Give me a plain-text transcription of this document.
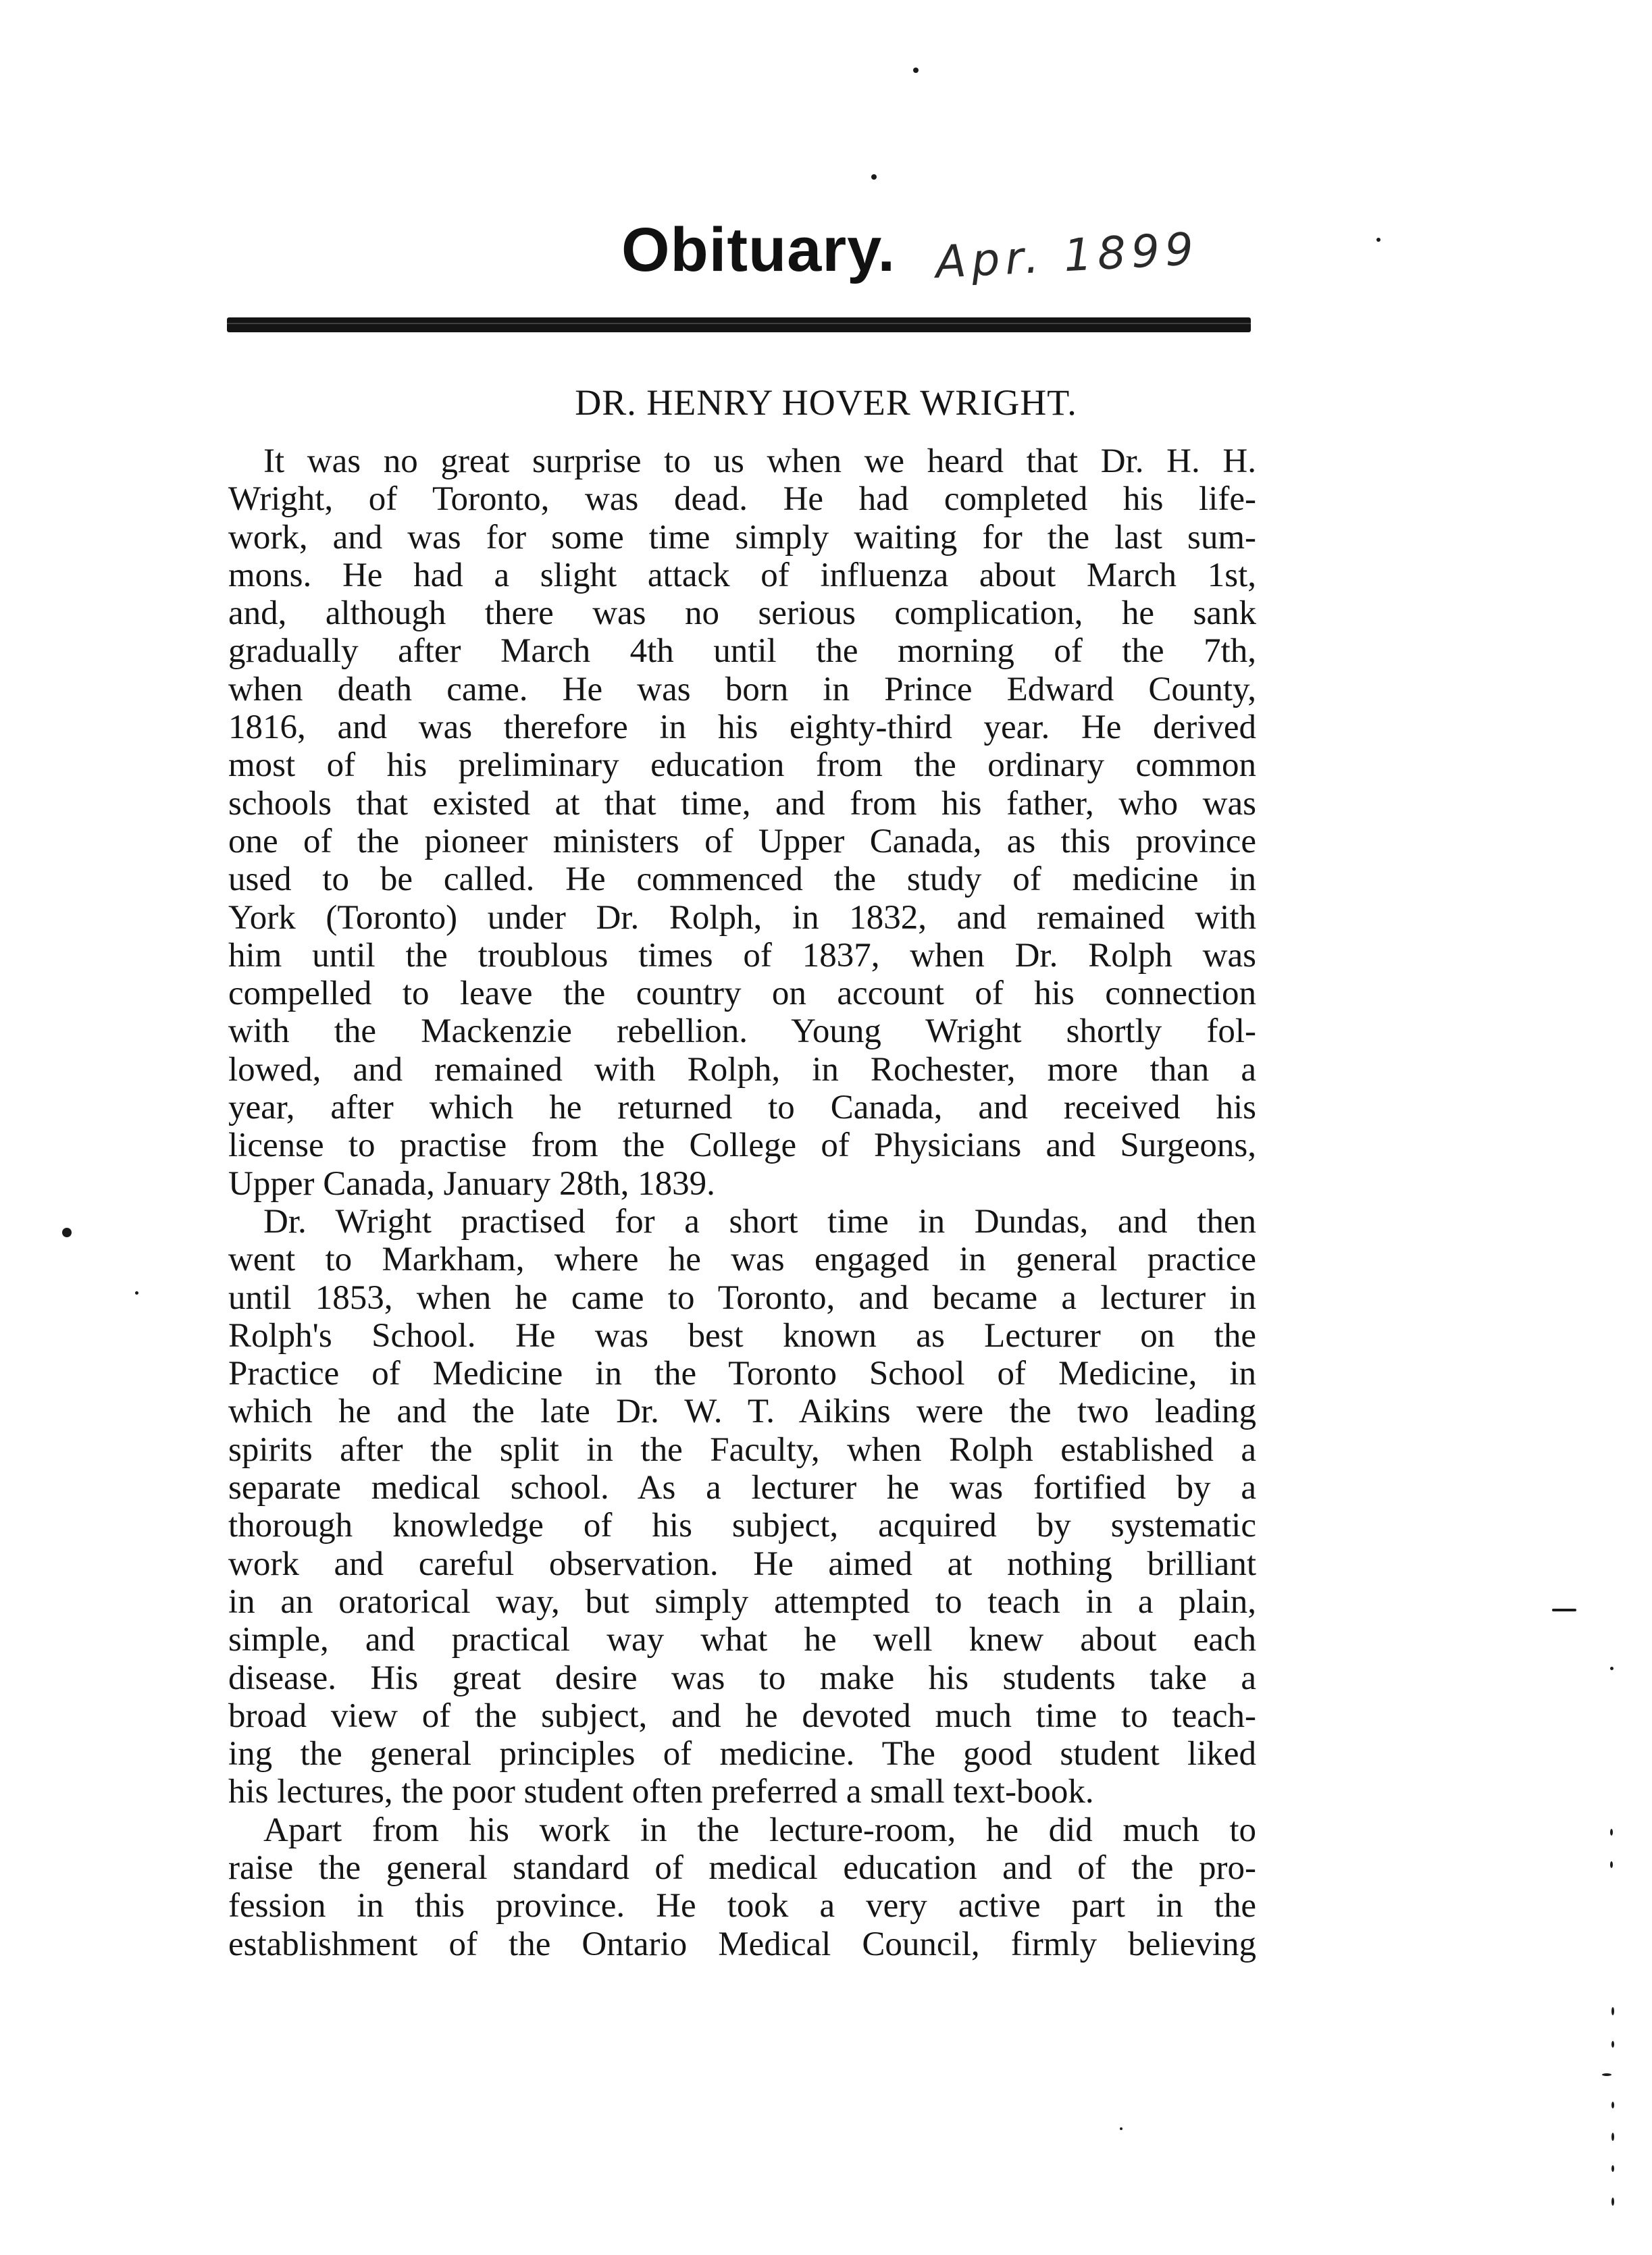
Obituary. Apr. 1899
DR. HENRY HOVER WRIGHT.
It was no great surprise to us when we heard that Dr. H. H.
Wright, of Toronto, was dead. He had completed his life-
work, and was for some time simply waiting for the last sum-
mons. He had a slight attack of influenza about March 1st,
and, although there was no serious complication, he sank
gradually after March 4th until the morning of the 7th,
when death came. He was born in Prince Edward County,
1816, and was therefore in his eighty-third year. He derived
most of his preliminary education from the ordinary common
schools that existed at that time, and from his father, who was
one of the pioneer ministers of Upper Canada, as this province
used to be called. He commenced the study of medicine in
York (Toronto) under Dr. Rolph, in 1832, and remained with
him until the troublous times of 1837, when Dr. Rolph was
compelled to leave the country on account of his connection
with the Mackenzie rebellion. Young Wright shortly fol-
lowed, and remained with Rolph, in Rochester, more than a
year, after which he returned to Canada, and received his
license to practise from the College of Physicians and Surgeons,
Upper Canada, January 28th, 1839.
Dr. Wright practised for a short time in Dundas, and then
went to Markham, where he was engaged in general practice
until 1853, when he came to Toronto, and became a lecturer in
Rolph's School. He was best known as Lecturer on the
Practice of Medicine in the Toronto School of Medicine, in
which he and the late Dr. W. T. Aikins were the two leading
spirits after the split in the Faculty, when Rolph established a
separate medical school. As a lecturer he was fortified by a
thorough knowledge of his subject, acquired by systematic
work and careful observation. He aimed at nothing brilliant
in an oratorical way, but simply attempted to teach in a plain,
simple, and practical way what he well knew about each
disease. His great desire was to make his students take a
broad view of the subject, and he devoted much time to teach-
ing the general principles of medicine. The good student liked
his lectures, the poor student often preferred a small text-book.
Apart from his work in the lecture-room, he did much to
raise the general standard of medical education and of the pro-
fession in this province. He took a very active part in the
establishment of the Ontario Medical Council, firmly believing
